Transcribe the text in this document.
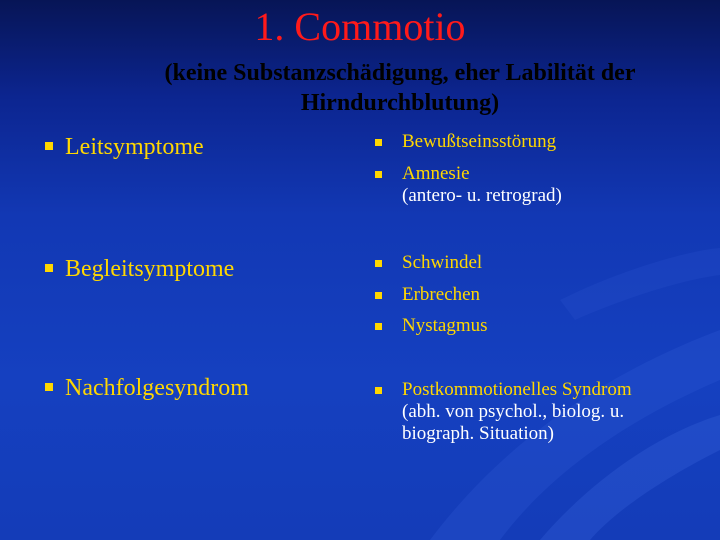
1. Commotio

(keine Substanzschädigung, eher Labilität der Hirndurchblutung)

Leitsymptome
Begleitsymptome
Nachfolgesyndrom
Bewußtseinsstörung
Amnesie
(antero- u. retrograd)
Schwindel
Erbrechen
Nystagmus
Postkommotionelles Syndrom
(abh. von psychol., biolog. u. biograph. Situation)
